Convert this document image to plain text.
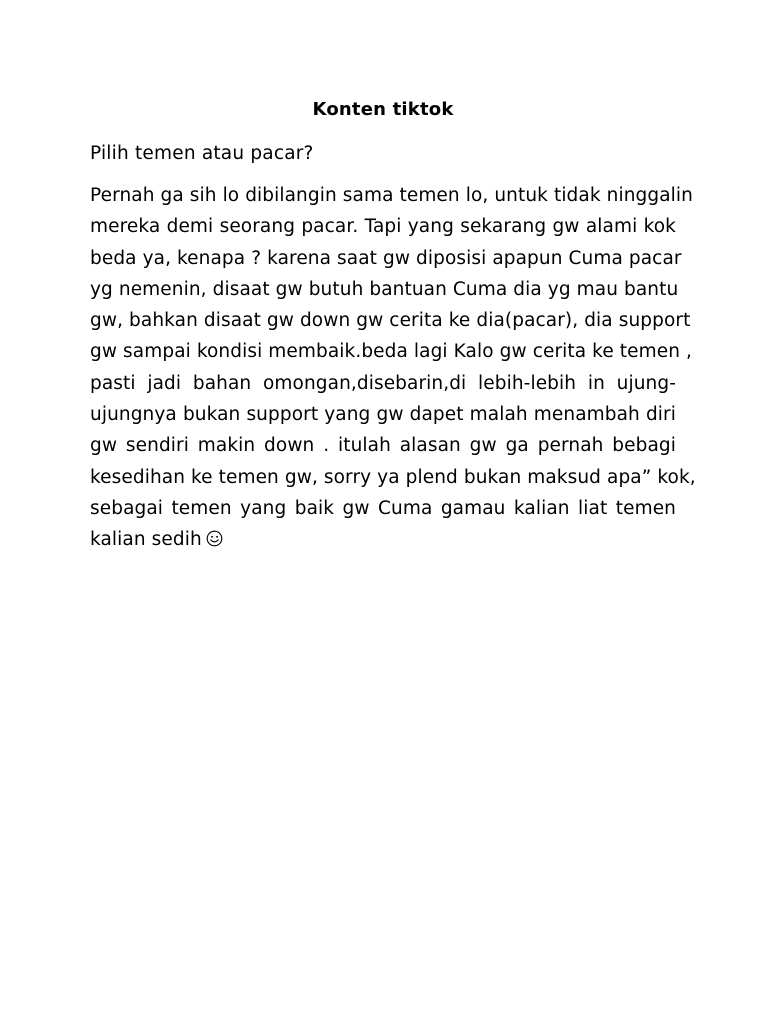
Konten tiktok

Pilih temen atau pacar?

Pernah ga sih lo dibilangin sama temen lo, untuk tidak ninggalin
mereka demi seorang pacar. Tapi yang sekarang gw alami kok
beda ya, kenapa ? karena saat gw diposisi apapun Cuma pacar
yg nemenin, disaat gw butuh bantuan Cuma dia yg mau bantu
gw, bahkan disaat gw down gw cerita ke dia(pacar), dia support
gw sampai kondisi membaik.beda lagi Kalo gw cerita ke temen ,
pasti jadi bahan omongan,disebarin,di lebih-lebih in ujung-
ujungnya bukan support yang gw dapet malah menambah diri
gw sendiri makin down . itulah alasan gw ga pernah bebagi
kesedihan ke temen gw, sorry ya plend bukan maksud apa” kok,
sebagai temen yang baik gw Cuma gamau kalian liat temen
kalian sedih
